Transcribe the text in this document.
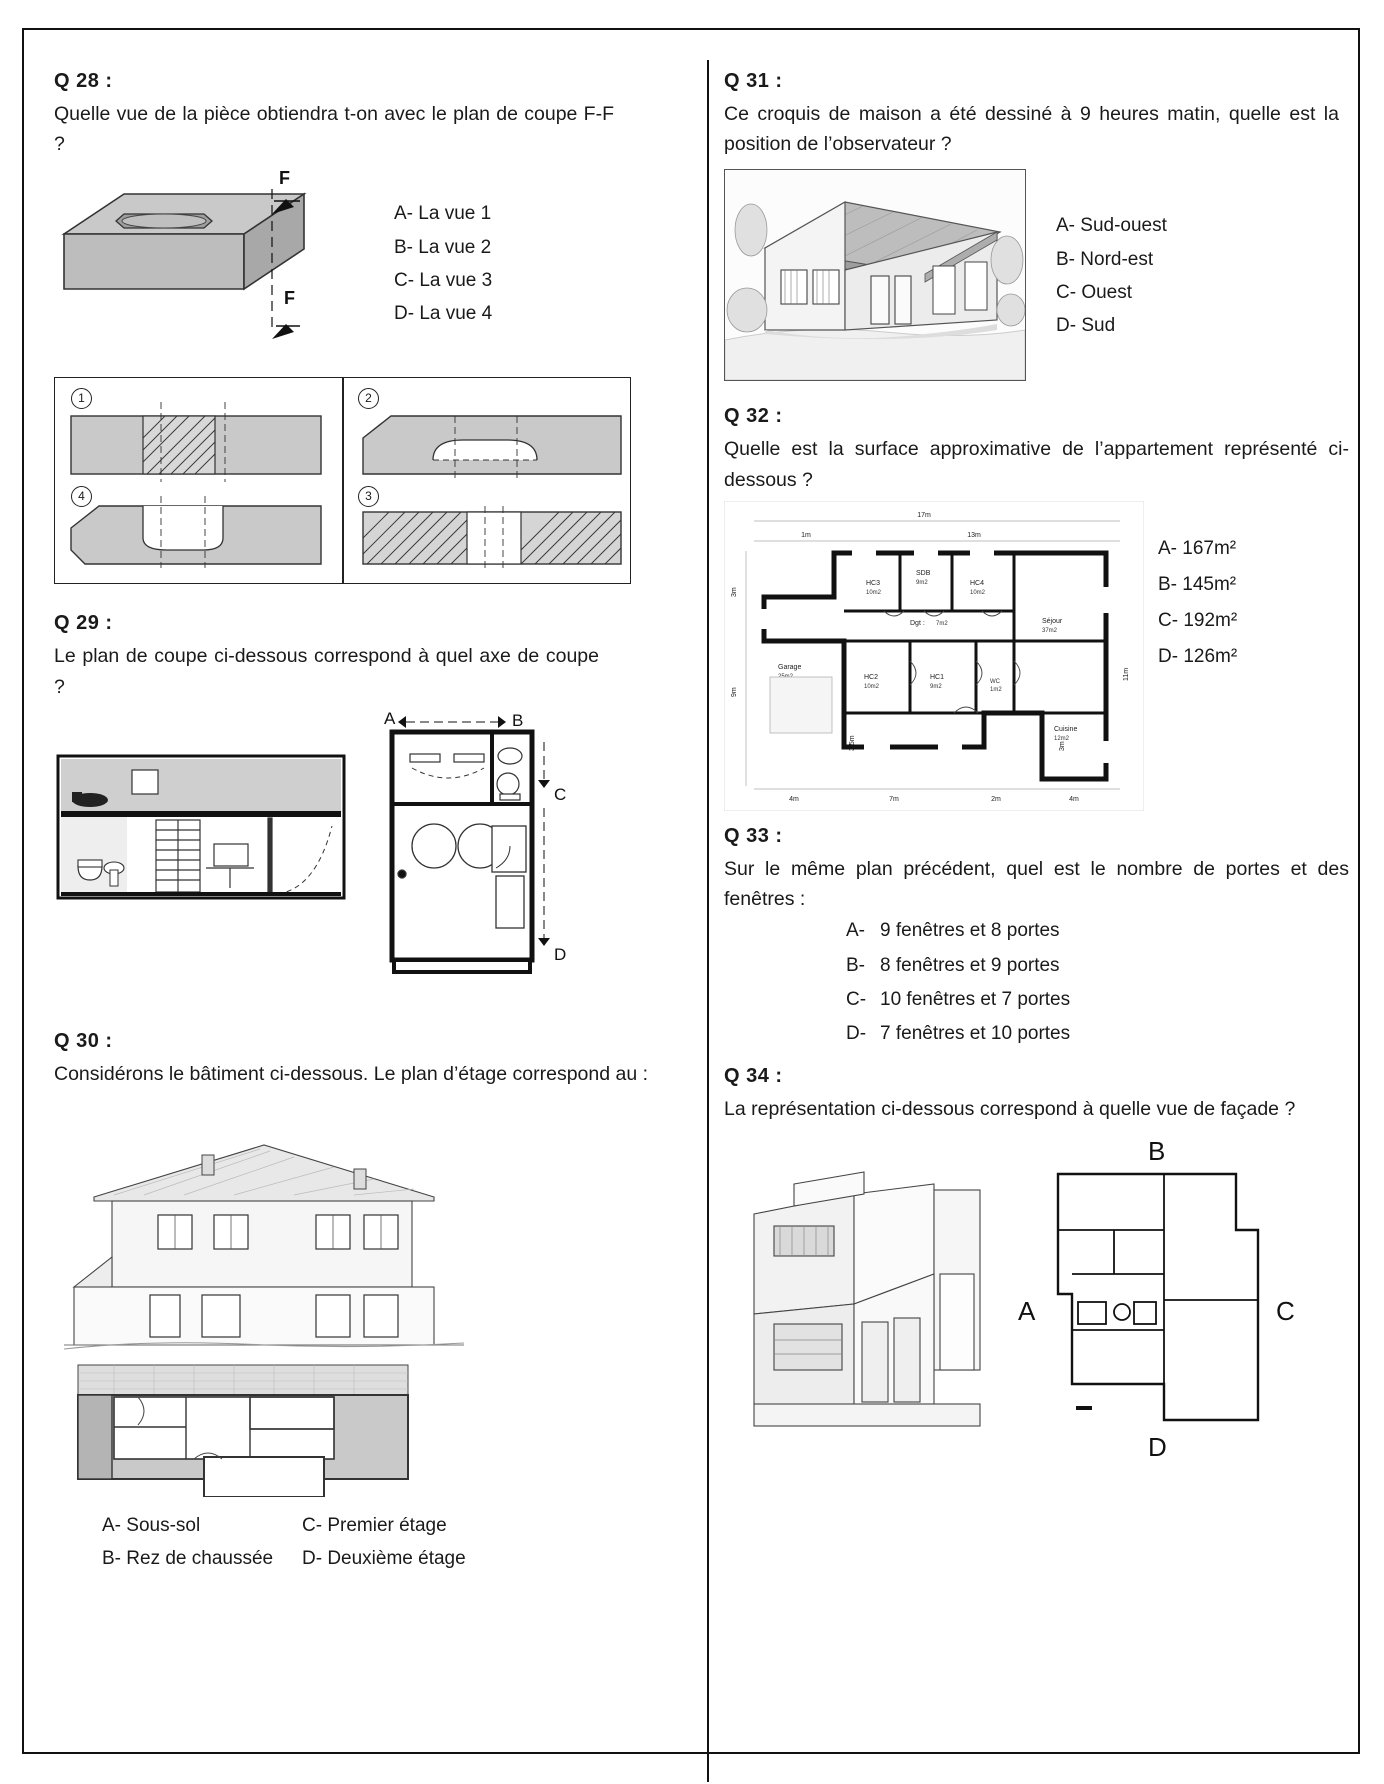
Q 28 :
Quelle vue de la pièce obtiendra t-on avec le plan de coupe F-F ?
F
F
A- La vue 1
B- La vue 2
C- La vue 3
D- La vue 4
1	2
3
4
Q 29 :
Le plan de coupe ci-dessous correspond à quel axe de coupe ?
A	B
C
D
Q 30 :
Considérons le bâtiment ci-dessous. Le plan d’étage correspond au :
A- Sous-sol
B- Rez de chaussée
C- Premier étage
D- Deuxième étage
Q 31 :
Ce croquis de maison a été dessiné à 9 heures matin, quelle est la position de l’observateur ?
A- Sud-ouest
B- Nord-est
C- Ouest
D- Sud
Q 32 :
Quelle est la surface approximative de l’appartement représenté ci-dessous ?
17m
1m	13m
3m
9m
3.5m
11m
3m
4m	7m	2m	4m
HC3
10m2
SDB
9m2	HC4
10m2
Dgt : 7m2	Séjour
37m2
Garage
HC2
10m2
HC1
9m2
WC
1m2
Cuisine
12m2
A- 167m²
B- 145m²
C- 192m²
D- 126m²
Q 33 :
Sur le même plan précédent, quel est le nombre de portes et des fenêtres :
A- 9 fenêtres et 8 portes
B- 8 fenêtres et 9 portes
C- 10 fenêtres et 7 portes
D- 7 fenêtres et 10 portes
Q 34 :
La représentation ci-dessous correspond à quelle vue de façade ?
B
A	C
D
